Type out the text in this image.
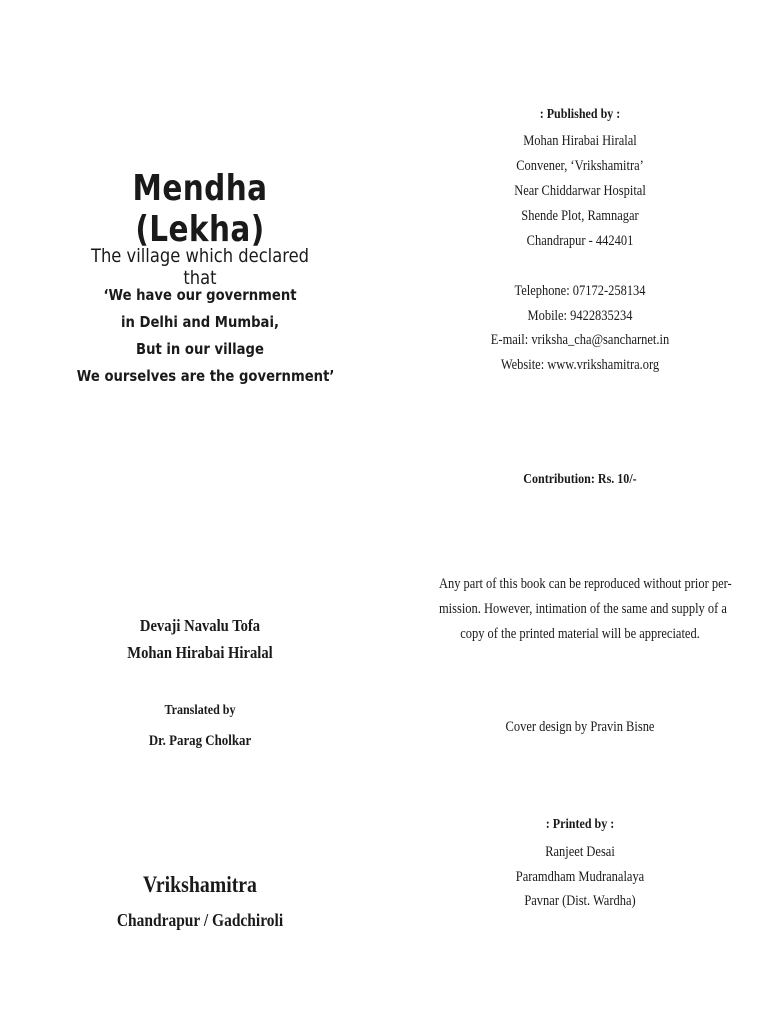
Mendha (Lekha)
The village which declared that
‘We have our government
in Delhi and Mumbai,
But in our village
We ourselves are the government’
Devaji Navalu Tofa
Mohan Hirabai Hiralal
Translated by
Dr. Parag Cholkar
Vrikshamitra
Chandrapur / Gadchiroli
: Published by :
Mohan Hirabai Hiralal
Convener, ‘Vrikshamitra’
Near Chiddarwar Hospital
Shende Plot, Ramnagar
Chandrapur - 442401
Telephone: 07172-258134
Mobile: 9422835234
E-mail: vriksha_cha@sancharnet.in
Website: www.vrikshamitra.org
Contribution: Rs. 10/-
Any part of this book can be reproduced without prior per-
mission. However, intimation of the same and supply of a
copy of the printed material will be appreciated.
Cover design by Pravin Bisne
: Printed by :
Ranjeet Desai
Paramdham Mudranalaya
Pavnar (Dist. Wardha)
